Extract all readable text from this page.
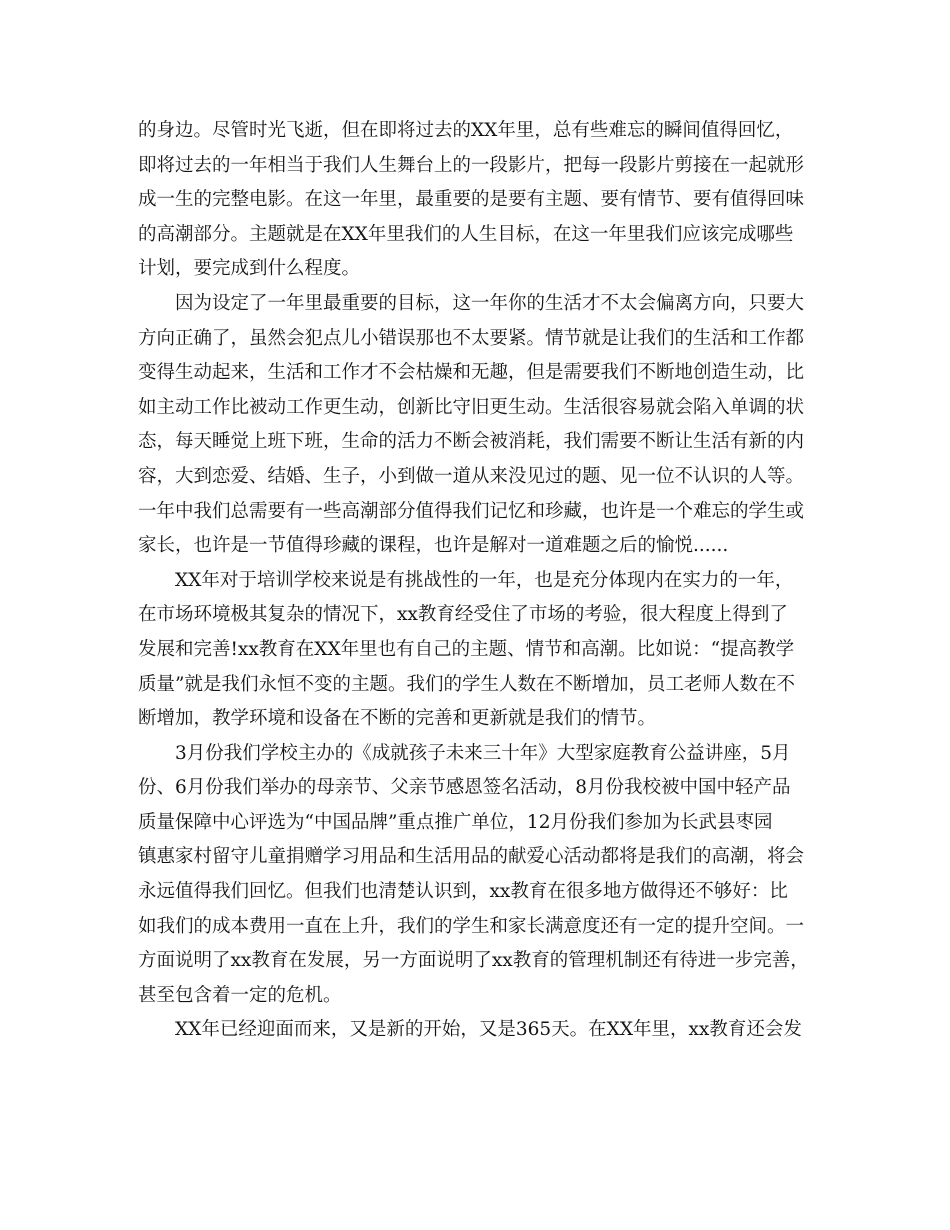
的身边。尽管时光飞逝，但在即将过去的XX年里，总有些难忘的瞬间值得回忆，
即将过去的一年相当于我们人生舞台上的一段影片，把每一段影片剪接在一起就形
成一生的完整电影。在这一年里，最重要的是要有主题、要有情节、要有值得回味
的高潮部分。主题就是在XX年里我们的人生目标，在这一年里我们应该完成哪些
计划，要完成到什么程度。
因为设定了一年里最重要的目标，这一年你的生活才不太会偏离方向，只要大
方向正确了，虽然会犯点儿小错误那也不太要紧。情节就是让我们的生活和工作都
变得生动起来，生活和工作才不会枯燥和无趣，但是需要我们不断地创造生动，比
如主动工作比被动工作更生动，创新比守旧更生动。生活很容易就会陷入单调的状
态，每天睡觉上班下班，生命的活力不断会被消耗，我们需要不断让生活有新的内
容，大到恋爱、结婚、生子，小到做一道从来没见过的题、见一位不认识的人等。
一年中我们总需要有一些高潮部分值得我们记忆和珍藏，也许是一个难忘的学生或
家长，也许是一节值得珍藏的课程，也许是解对一道难题之后的愉悦......
XX年对于培训学校来说是有挑战性的一年，也是充分体现内在实力的一年，
在市场环境极其复杂的情况下，xx教育经受住了市场的考验，很大程度上得到了
发展和完善!xx教育在XX年里也有自己的主题、情节和高潮。比如说：“提高教学
质量”就是我们永恒不变的主题。我们的学生人数在不断增加，员工老师人数在不
断增加，教学环境和设备在不断的完善和更新就是我们的情节。
3月份我们学校主办的《成就孩子未来三十年》大型家庭教育公益讲座，5月
份、6月份我们举办的母亲节、父亲节感恩签名活动，8月份我校被中国中轻产品
质量保障中心评选为“中国品牌”重点推广单位，12月份我们参加为长武县枣园
镇惠家村留守儿童捐赠学习用品和生活用品的献爱心活动都将是我们的高潮，将会
永远值得我们回忆。但我们也清楚认识到，xx教育在很多地方做得还不够好：比
如我们的成本费用一直在上升，我们的学生和家长满意度还有一定的提升空间。一
方面说明了xx教育在发展，另一方面说明了xx教育的管理机制还有待进一步完善，
甚至包含着一定的危机。
XX年已经迎面而来，又是新的开始，又是365天。在XX年里，xx教育还会发
